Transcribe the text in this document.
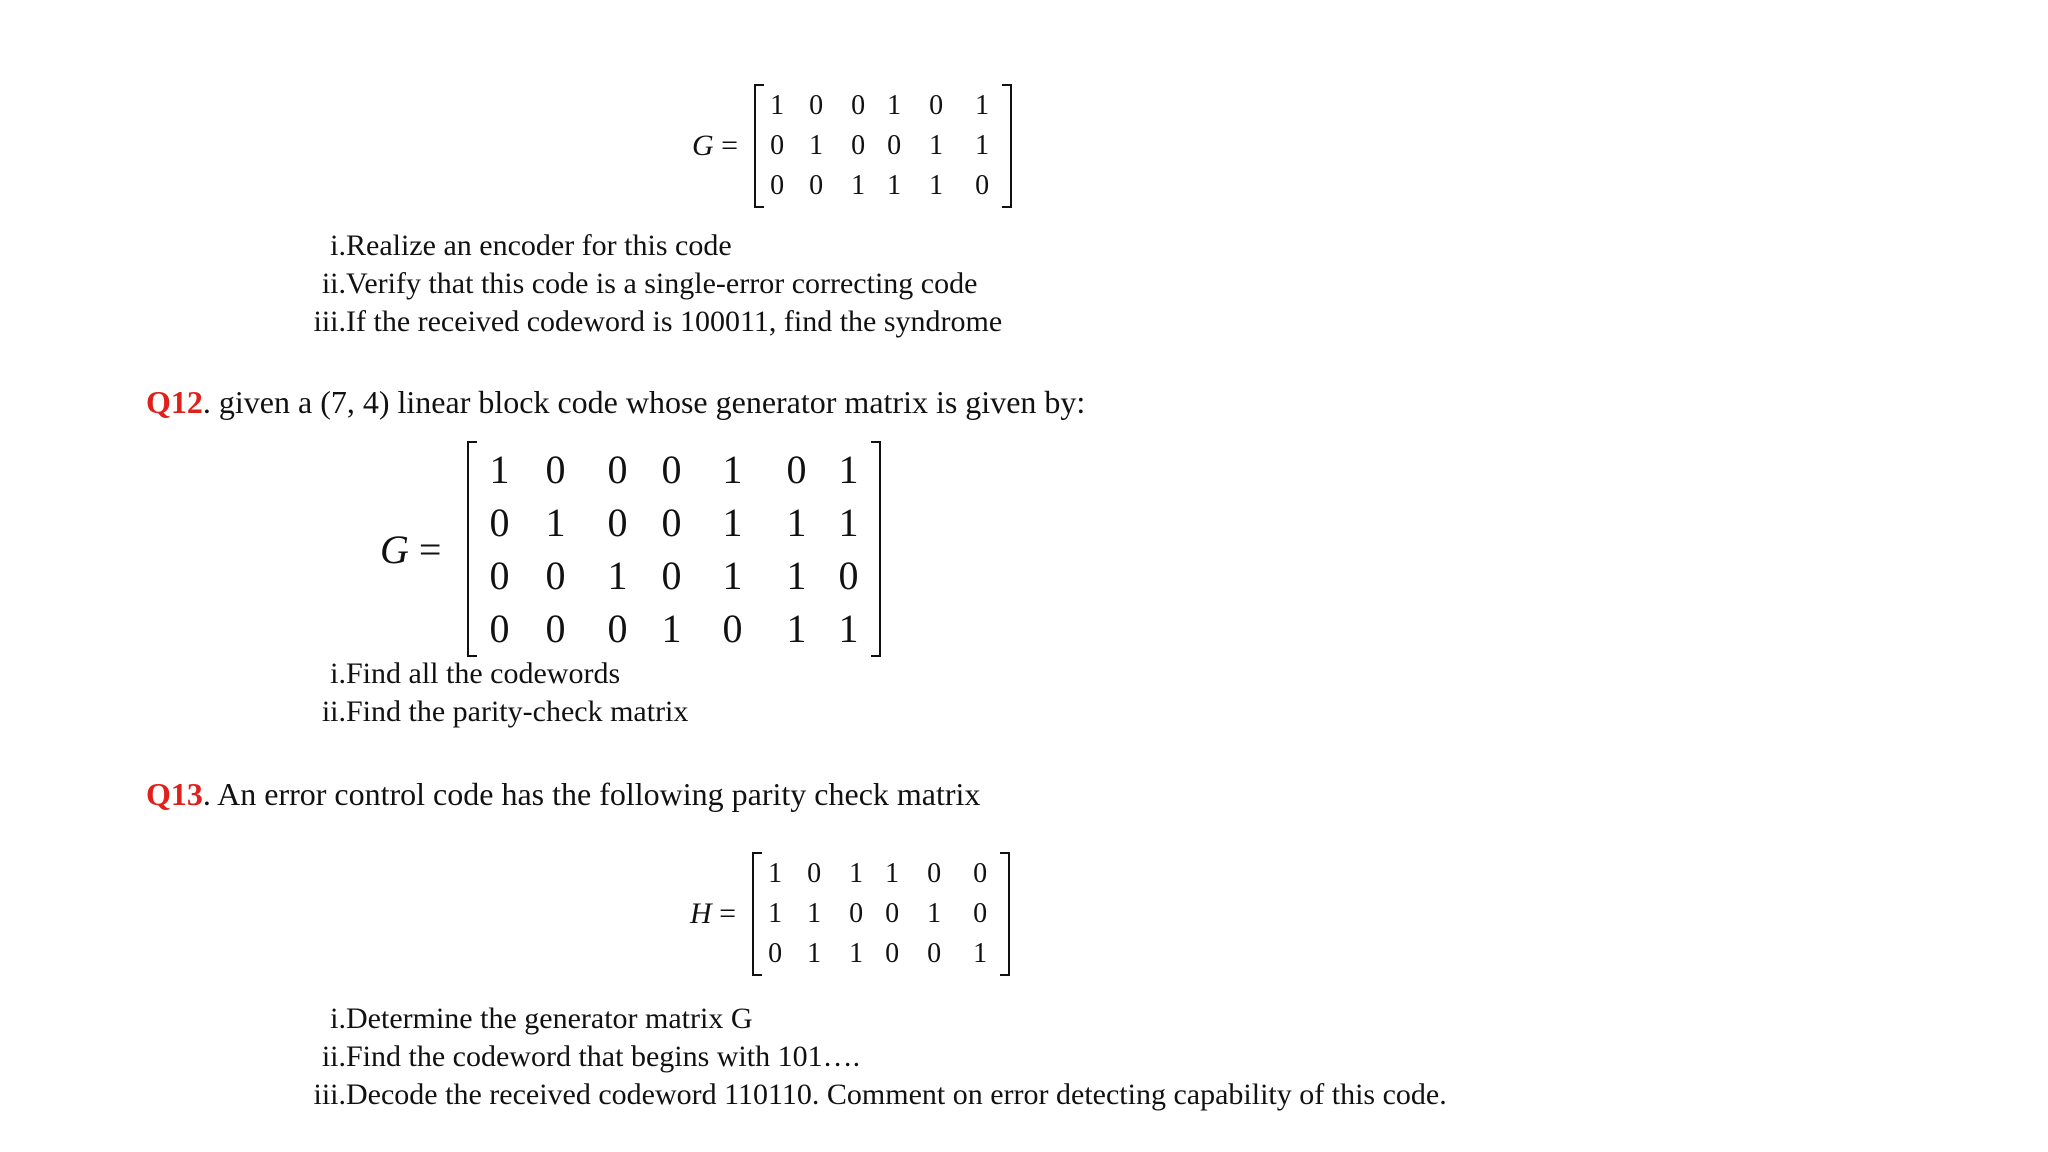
G =
1 0	0 1	0	1
0 1	0 0	1	1
0 0	1 1	1	0
i. Realize an encoder for this code
ii. Verify that this code is a single-error correcting code
iii. If the received codeword is 100011, find the syndrome
Q12. given a (7, 4) linear block code whose generator matrix is given by:
G =
1 0	0 0	1	0 1
0 1	0 0	1	1 1
0 0	1 0	1	1 0
0 0	0 1	0	1 1
i. Find all the codewords
ii. Find the parity-check matrix
Q13. An error control code has the following parity check matrix
H =
1 0	1 1	0	0
1 1	0 0	1	0
0 1	1 0	0	1
i. Determine the generator matrix G
ii. Find the codeword that begins with 101….
iii. Decode the received codeword 110110. Comment on error detecting capability of this code.
